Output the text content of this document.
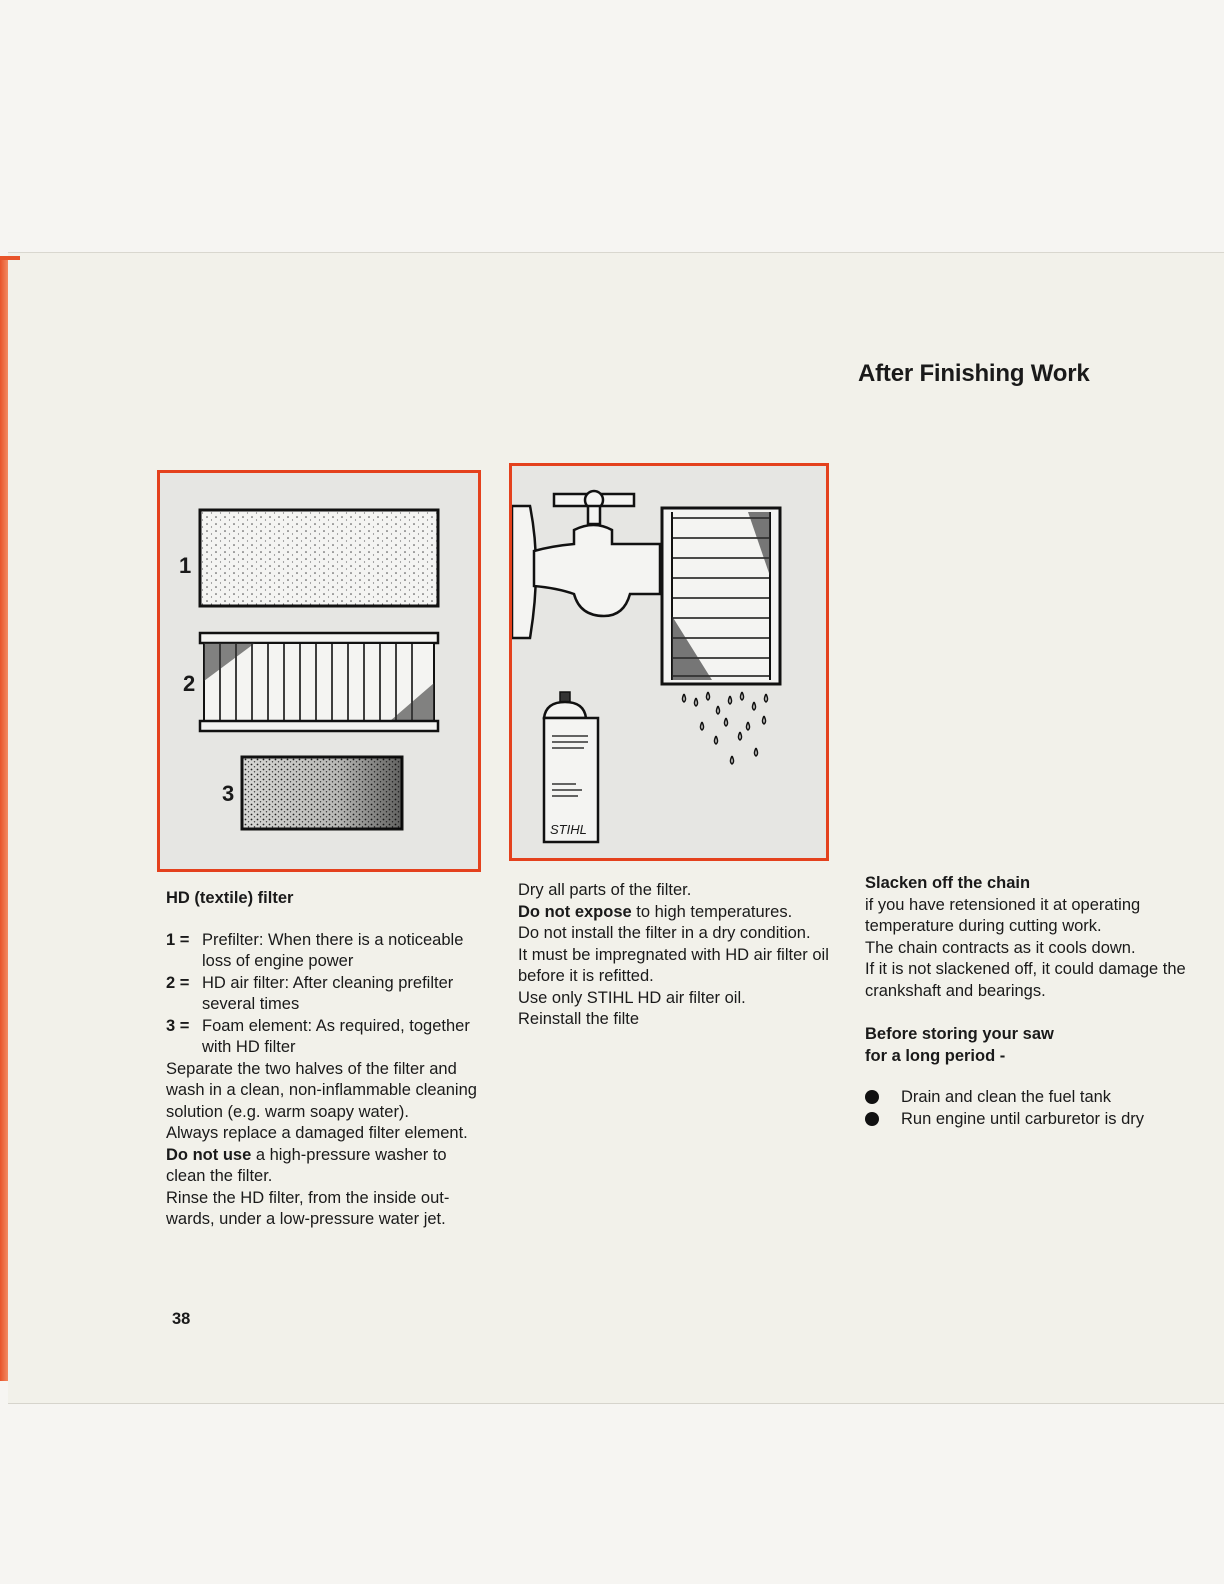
After Finishing Work
1
2
3
STIHL
HD (textile) filter
1 = Prefilter: When there is a noticeable loss of engine power
2 = HD air filter: After cleaning prefilter several times
3 = Foam element: As required, together with HD filter
Separate the two halves of the filter and wash in a clean, non-inflammable cleaning solution (e.g. warm soapy water).
Always replace a damaged filter element.
Do not use a high-pressure washer to clean the filter.
Rinse the HD filter, from the inside out-wards, under a low-pressure water jet.
Dry all parts of the filter.
Do not expose to high temperatures.
Do not install the filter in a dry condition.
It must be impregnated with HD air filter oil before it is refitted.
Use only STIHL HD air filter oil.
Reinstall the filte
Slacken off the chain
if you have retensioned it at operating temperature during cutting work.
The chain contracts as it cools down.
If it is not slackened off, it could damage the crankshaft and bearings.
Before storing your saw
for a long period -
Drain and clean the fuel tank
Run engine until carburetor is dry
38
